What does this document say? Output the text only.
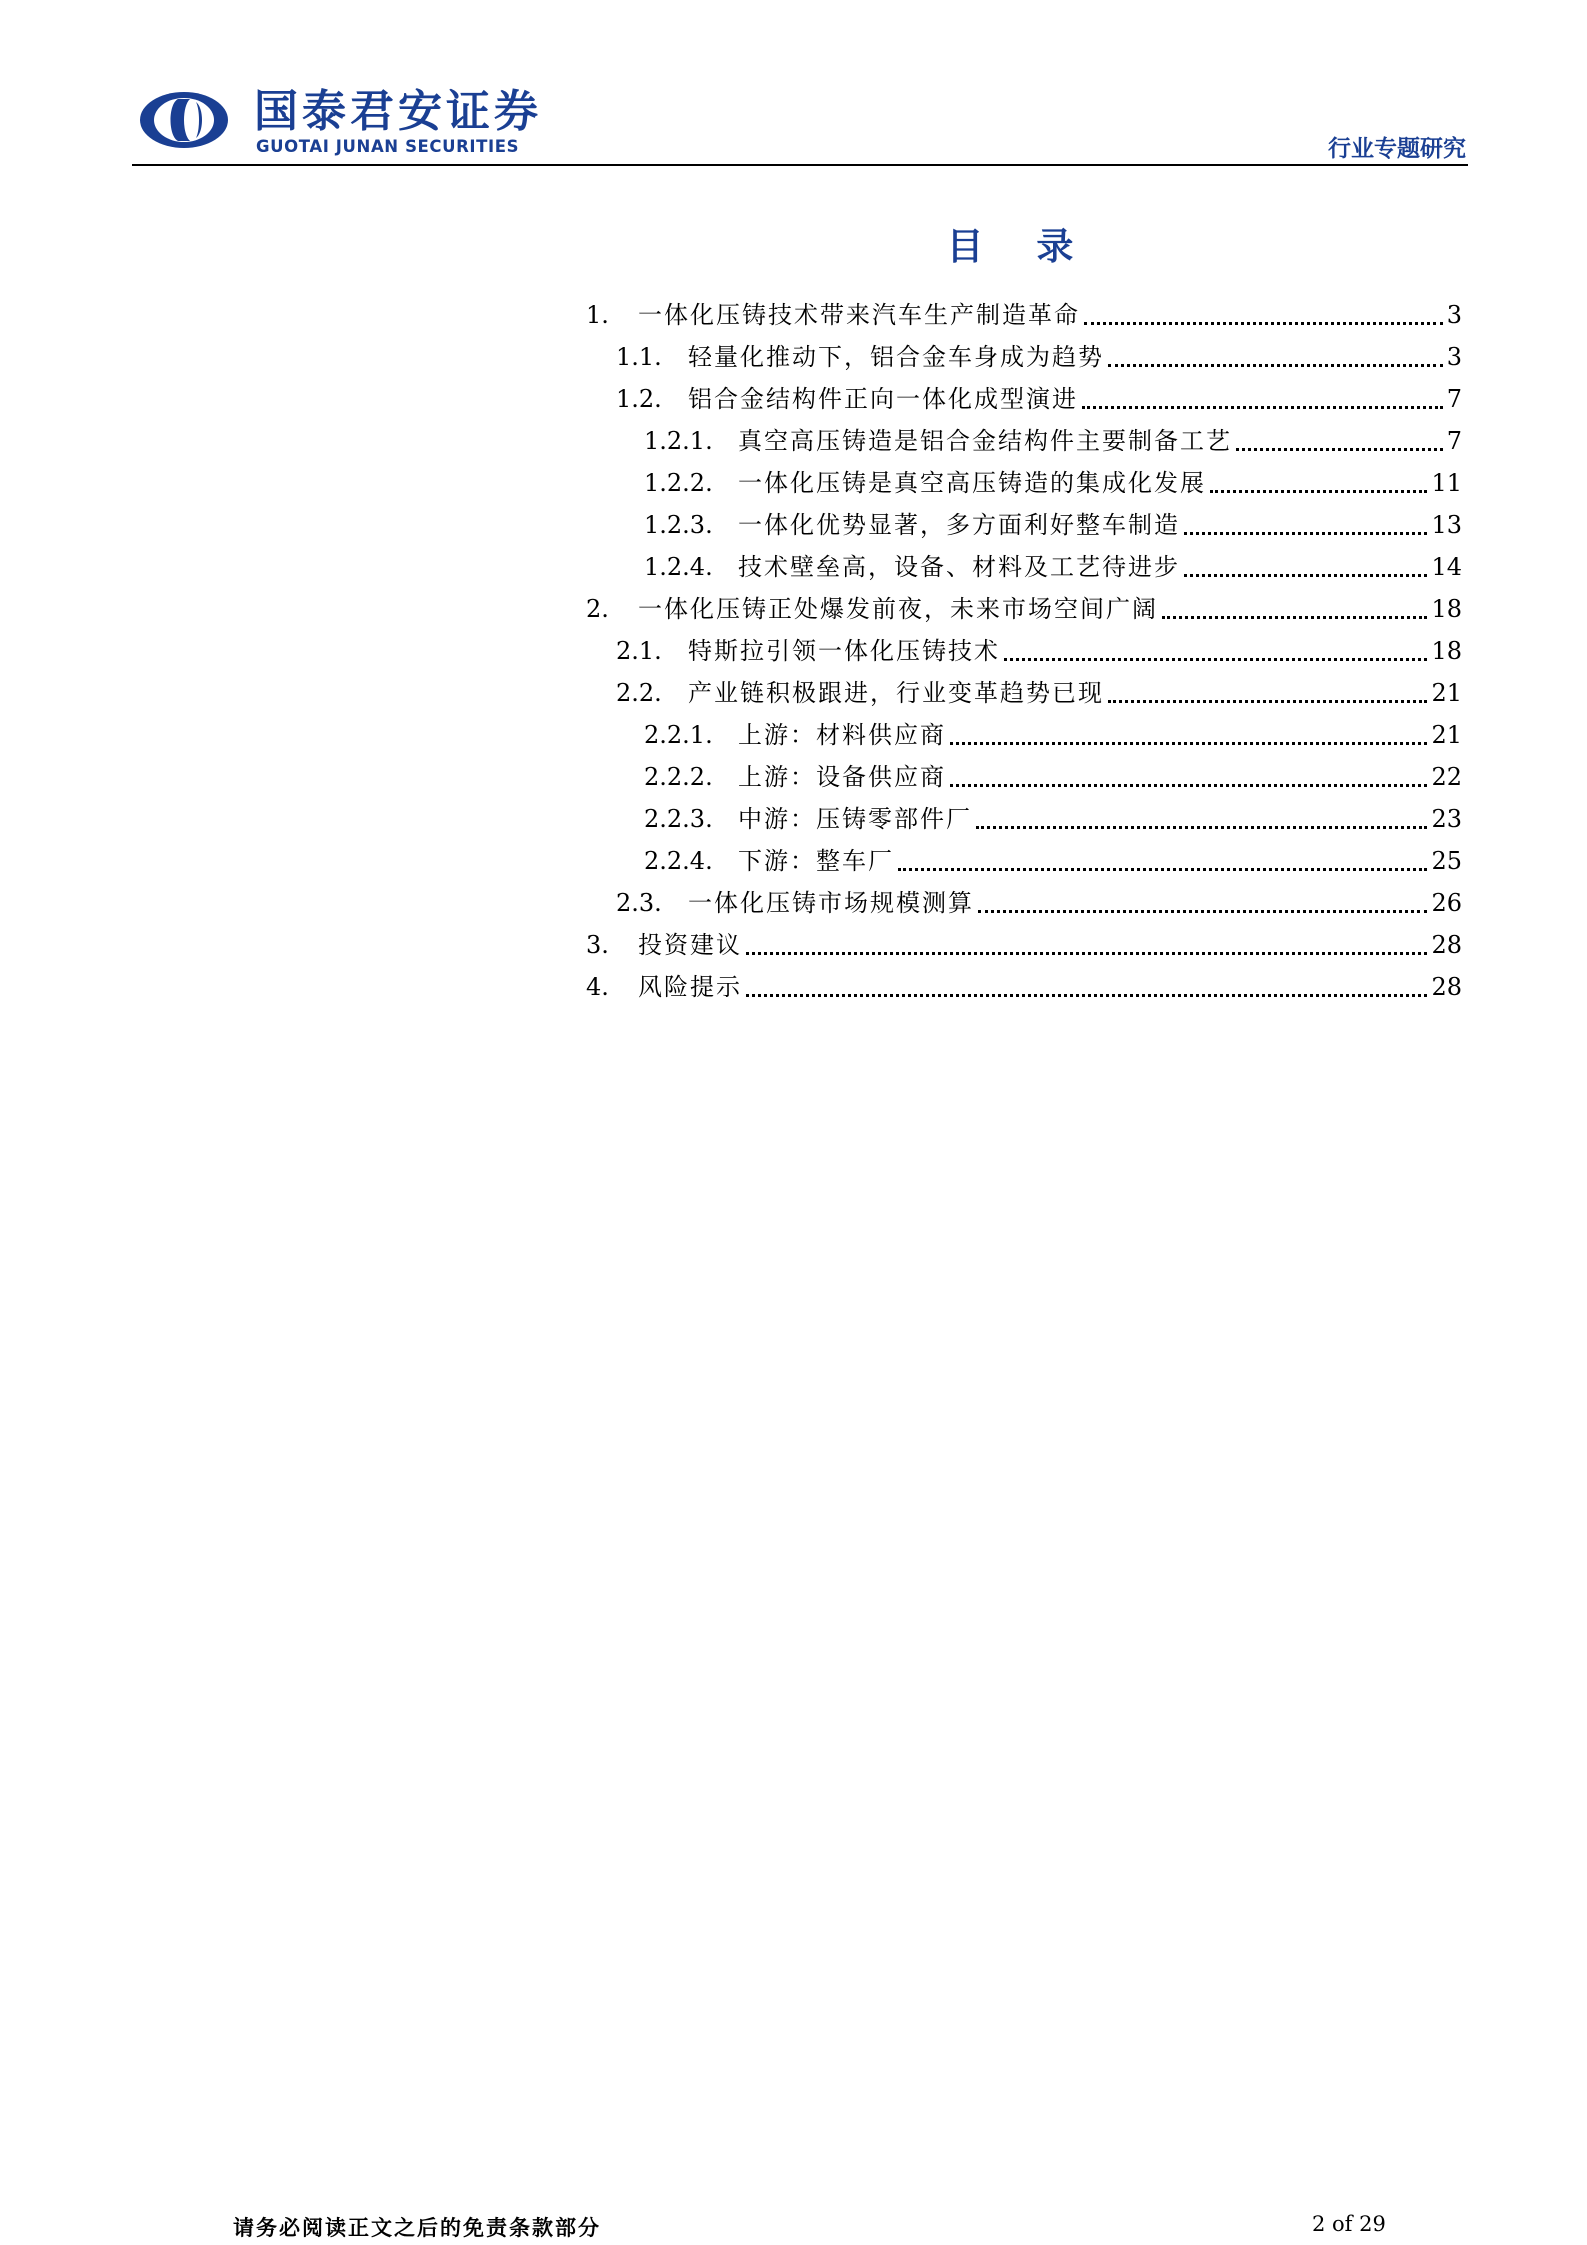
国泰君安证券
GUOTAI JUNAN SECURITIES	行业专题研究
目 录
1.	一体化压铸技术带来汽车生产制造革命	3
1.1.	轻量化推动下，铝合金车身成为趋势	3
1.2.	铝合金结构件正向一体化成型演进	7
1.2.1.	真空高压铸造是铝合金结构件主要制备工艺	7
1.2.2.	一体化压铸是真空高压铸造的集成化发展	11
1.2.3.	一体化优势显著，多方面利好整车制造	13
1.2.4.	技术壁垒高，设备、材料及工艺待进步	14
2.	一体化压铸正处爆发前夜，未来市场空间广阔	18
2.1.	特斯拉引领一体化压铸技术	18
2.2.	产业链积极跟进，行业变革趋势已现	21
2.2.1.	上游：材料供应商	21
2.2.2.	上游：设备供应商	22
2.2.3.	中游：压铸零部件厂	23
2.2.4.	下游：整车厂	25
2.3.	一体化压铸市场规模测算	26
3.	投资建议	28
4.	风险提示	28
请务必阅读正文之后的免责条款部分	2 of 29
